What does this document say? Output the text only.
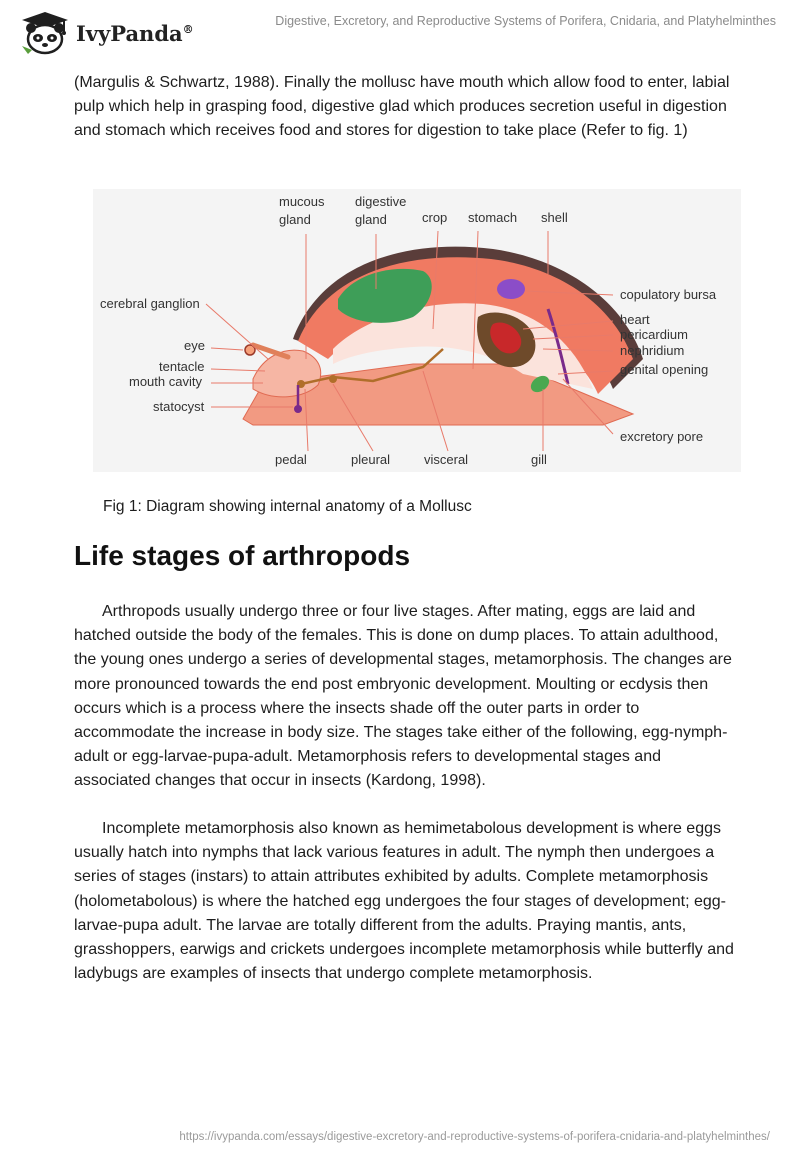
IvyPanda®
Digestive, Excretory, and Reproductive Systems of Porifera, Cnidaria, and Platyhelminthes

(Margulis & Schwartz, 1988). Finally the mollusc have mouth which allow food to enter, labial pulp which help in grasping food, digestive glad which produces secretion useful in digestion and stomach which receives food and stores for digestion to take place (Refer to fig. 1)

mucous
gland
digestive
gland	crop stomach shell
cerebral ganglion
eye
tentacle
mouth cavity
statocyst
copulatory bursa
heart
pericardium
nephridium
genital opening
excretory pore
pedal	pleural	visceral	gill
Fig 1: Diagram showing internal anatomy of a Mollusc
Life stages of arthropods

Arthropods usually undergo three or four live stages. After mating, eggs are laid and hatched outside the body of the females. This is done on dump places. To attain adulthood, the young ones undergo a series of developmental stages, metamorphosis. The changes are more pronounced towards the end post embryonic development. Moulting or ecdysis then occurs which is a process where the insects shade off the outer parts in order to accommodate the increase in body size. The stages take either of the following, egg-nymph-adult or egg-larvae-pupa-adult. Metamorphosis refers to developmental stages and associated changes that occur in insects (Kardong, 1998).

Incomplete metamorphosis also known as hemimetabolous development is where eggs usually hatch into nymphs that lack various features in adult. The nymph then undergoes a series of stages (instars) to attain attributes exhibited by adults. Complete metamorphosis (holometabolous) is where the hatched egg undergoes the four stages of development; egg-larvae-pupa adult. The larvae are totally different from the adults. Praying mantis, ants, grasshoppers, earwigs and crickets undergoes incomplete metamorphosis while butterfly and ladybugs are examples of insects that undergo complete metamorphosis.

https://ivypanda.com/essays/digestive-excretory-and-reproductive-systems-of-porifera-cnidaria-and-platyhelminthes/
